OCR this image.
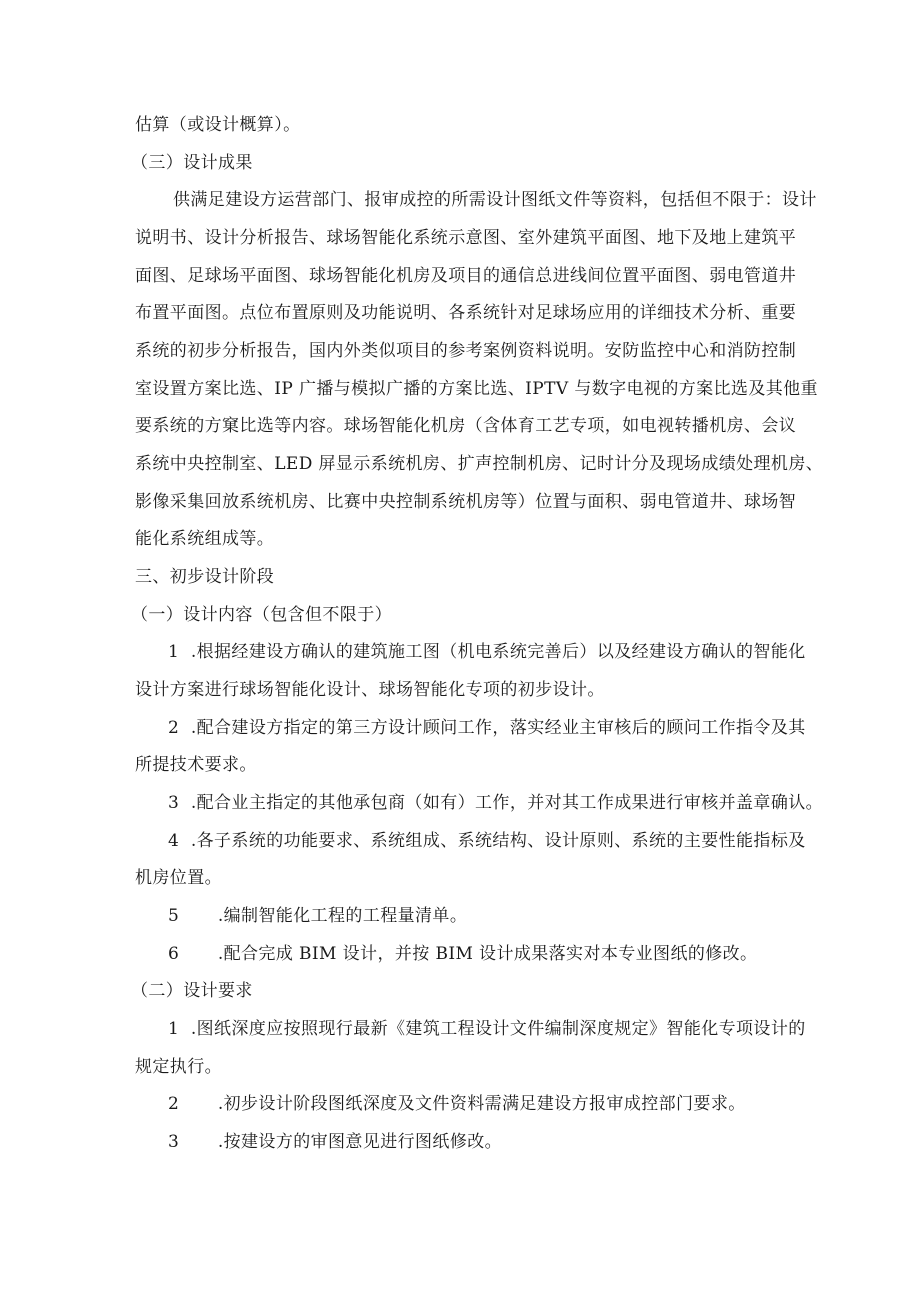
估算（或设计概算）。
（三）设计成果
供满足建设方运营部门、报审成控的所需设计图纸文件等资料，包括但不限于：设计
说明书、设计分析报告、球场智能化系统示意图、室外建筑平面图、地下及地上建筑平
面图、足球场平面图、球场智能化机房及项目的通信总进线间位置平面图、弱电管道井
布置平面图。点位布置原则及功能说明、各系统针对足球场应用的详细技术分析、重要
系统的初步分析报告，国内外类似项目的参考案例资料说明。安防监控中心和消防控制
室设置方案比选、IP 广播与模拟广播的方案比选、IPTV 与数字电视的方案比选及其他重
要系统的方窠比选等内容。球场智能化机房（含体育工艺专项，如电视转播机房、会议
系统中央控制室、LED 屏显示系统机房、扩声控制机房、记时计分及现场成绩处理机房、
影像采集回放系统机房、比赛中央控制系统机房等）位置与面积、弱电管道井、球场智
能化系统组成等。
三、初步设计阶段
（一）设计内容（包含但不限于）
1 .根据经建设方确认的建筑施工图（机电系统完善后）以及经建设方确认的智能化
设计方案进行球场智能化设计、球场智能化专项的初步设计。
2 .配合建设方指定的第三方设计顾问工作，落实经业主审核后的顾问工作指令及其
所提技术要求。
3 .配合业主指定的其他承包商（如有）工作，并对其工作成果进行审核并盖章确认。
4 .各子系统的功能要求、系统组成、系统结构、设计原则、系统的主要性能指标及
机房位置。
5 .编制智能化工程的工程量清单。
6 .配合完成 BIM 设计，并按 BIM 设计成果落实对本专业图纸的修改。
（二）设计要求
1 .图纸深度应按照现行最新《建筑工程设计文件编制深度规定》智能化专项设计的
规定执行。
2 .初步设计阶段图纸深度及文件资料需满足建设方报审成控部门要求。
3 .按建设方的审图意见进行图纸修改。
